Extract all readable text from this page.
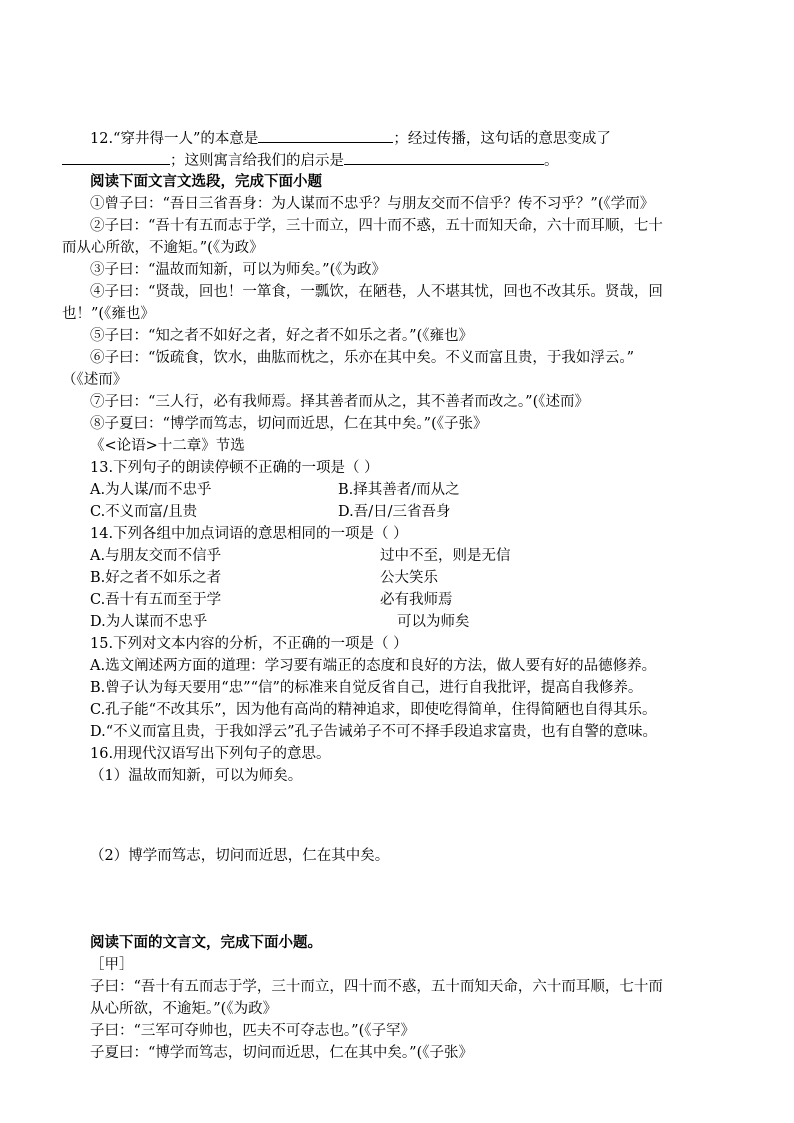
12.“穿井得一人”的本意是	；经过传播，这句话的意思变成了
；这则寓言给我们的启示是	。
阅读下面文言文选段，完成下面小题
①曾子曰：“吾日三省吾身：为人谋而不忠乎？与朋友交而不信乎？传不习乎？”(《学而》
②子曰：“吾十有五而志于学，三十而立，四十而不惑，五十而知天命，六十而耳顺，七十
而从心所欲，不逾矩。”(《为政》
③子曰：“温故而知新，可以为师矣。”(《为政》
④子曰：“贤哉，回也！一箪食，一瓢饮，在陋巷，人不堪其忧，回也不改其乐。贤哉，回
也！”(《雍也》
⑤子曰：“知之者不如好之者，好之者不如乐之者。”(《雍也》
⑥子曰：“饭疏食，饮水，曲肱而枕之，乐亦在其中矣。不义而富且贵，于我如浮云。”
（《述而》
⑦子曰：“三人行，必有我师焉。择其善者而从之，其不善者而改之。”(《述而》
⑧子夏曰：“博学而笃志，切问而近思，仁在其中矣。”(《子张》
《<论语>十二章》节选
13.下列句子的朗读停顿不正确的一项是（ ）
A.为人谋/而不忠乎	B.择其善者/而从之
C.不义而富/且贵	D.吾/日/三省吾身
14.下列各组中加点词语的意思相同的一项是（ ）
A.与朋友交而不信乎	过中不至，则是无信
B.好之者不如乐之者	公大笑乐
C.吾十有五而至于学	必有我师焉
D.为人谋而不忠乎	可以为师矣
15.下列对文本内容的分析，不正确的一项是（ ）
A.选文阐述两方面的道理：学习要有端正的态度和良好的方法，做人要有好的品德修养。
B.曾子认为每天要用“忠”“信”的标准来自觉反省自己，进行自我批评，提高自我修养。
C.孔子能“不改其乐”，因为他有高尚的精神追求，即使吃得简单，住得简陋也自得其乐。
D.“不义而富且贵，于我如浮云”孔子告诫弟子不可不择手段追求富贵，也有自警的意味。
16.用现代汉语写出下列句子的意思。
（1）温故而知新，可以为师矣。
（2）博学而笃志，切问而近思，仁在其中矣。
阅读下面的文言文，完成下面小题。
［甲］
子曰：“吾十有五而志于学，三十而立，四十而不惑，五十而知天命，六十而耳顺，七十而
从心所欲，不逾矩。”(《为政》
子曰：“三军可夺帅也，匹夫不可夺志也。”(《子罕》
子夏曰：“博学而笃志，切问而近思，仁在其中矣。”(《子张》
